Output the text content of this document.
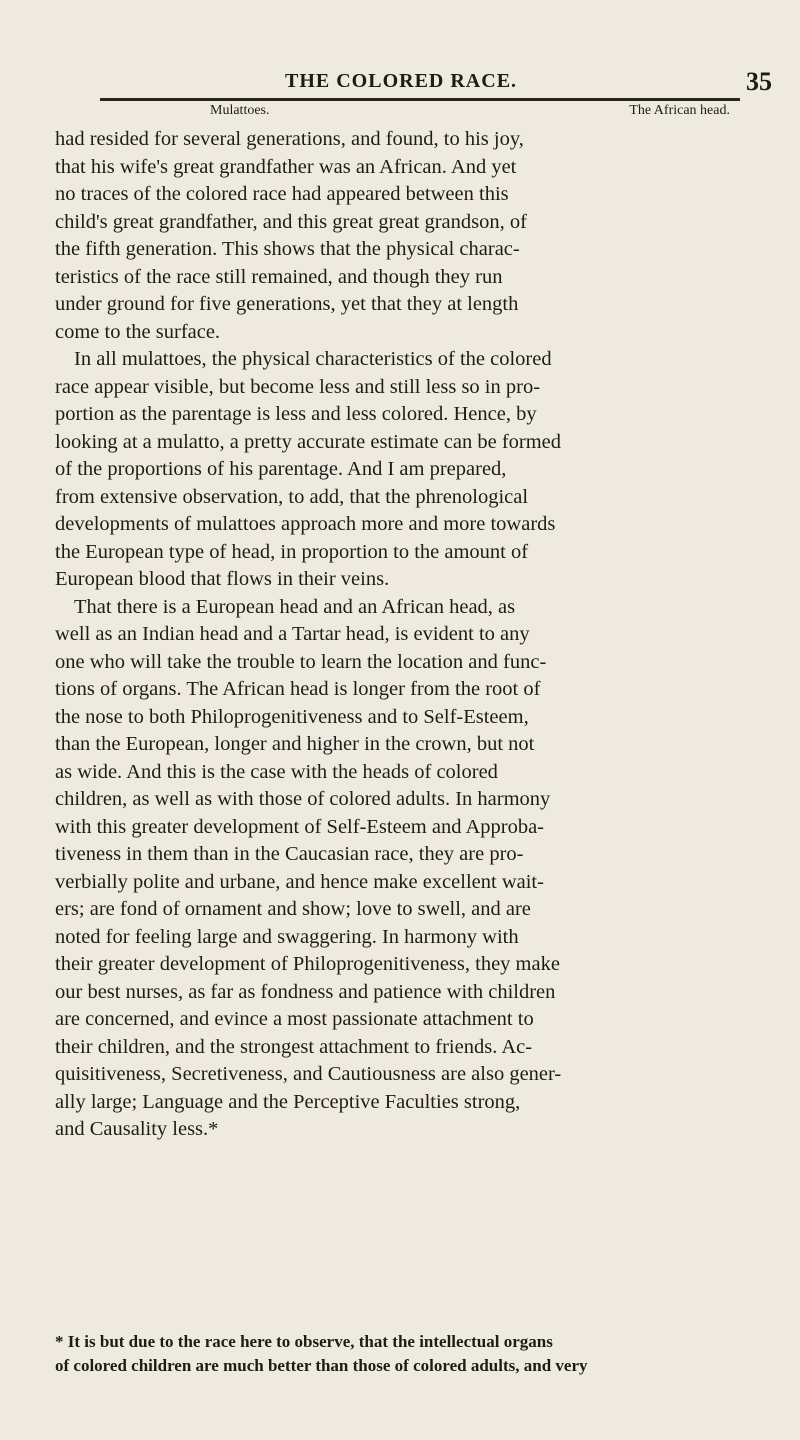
THE COLORED RACE.	35
Mulattoes.	The African head.

had resided for several generations, and found, to his joy,
that his wife's great grandfather was an African. And yet
no traces of the colored race had appeared between this
child's great grandfather, and this great great grandson, of
the fifth generation. This shows that the physical charac-
teristics of the race still remained, and though they run
under ground for five generations, yet that they at length
come to the surface.

In all mulattoes, the physical characteristics of the colored
race appear visible, but become less and still less so in pro-
portion as the parentage is less and less colored. Hence, by
looking at a mulatto, a pretty accurate estimate can be formed
of the proportions of his parentage. And I am prepared,
from extensive observation, to add, that the phrenological
developments of mulattoes approach more and more towards
the European type of head, in proportion to the amount of
European blood that flows in their veins.

That there is a European head and an African head, as
well as an Indian head and a Tartar head, is evident to any
one who will take the trouble to learn the location and func-
tions of organs. The African head is longer from the root of
the nose to both Philoprogenitiveness and to Self-Esteem,
than the European, longer and higher in the crown, but not
as wide. And this is the case with the heads of colored
children, as well as with those of colored adults. In harmony
with this greater development of Self-Esteem and Approba-
tiveness in them than in the Caucasian race, they are pro-
verbially polite and urbane, and hence make excellent wait-
ers; are fond of ornament and show; love to swell, and are
noted for feeling large and swaggering. In harmony with
their greater development of Philoprogenitiveness, they make
our best nurses, as far as fondness and patience with children
are concerned, and evince a most passionate attachment to
their children, and the strongest attachment to friends. Ac-
quisitiveness, Secretiveness, and Cautiousness are also gener-
ally large; Language and the Perceptive Faculties strong,
and Causality less.*

* It is but due to the race here to observe, that the intellectual organs
of colored children are much better than those of colored adults, and very
